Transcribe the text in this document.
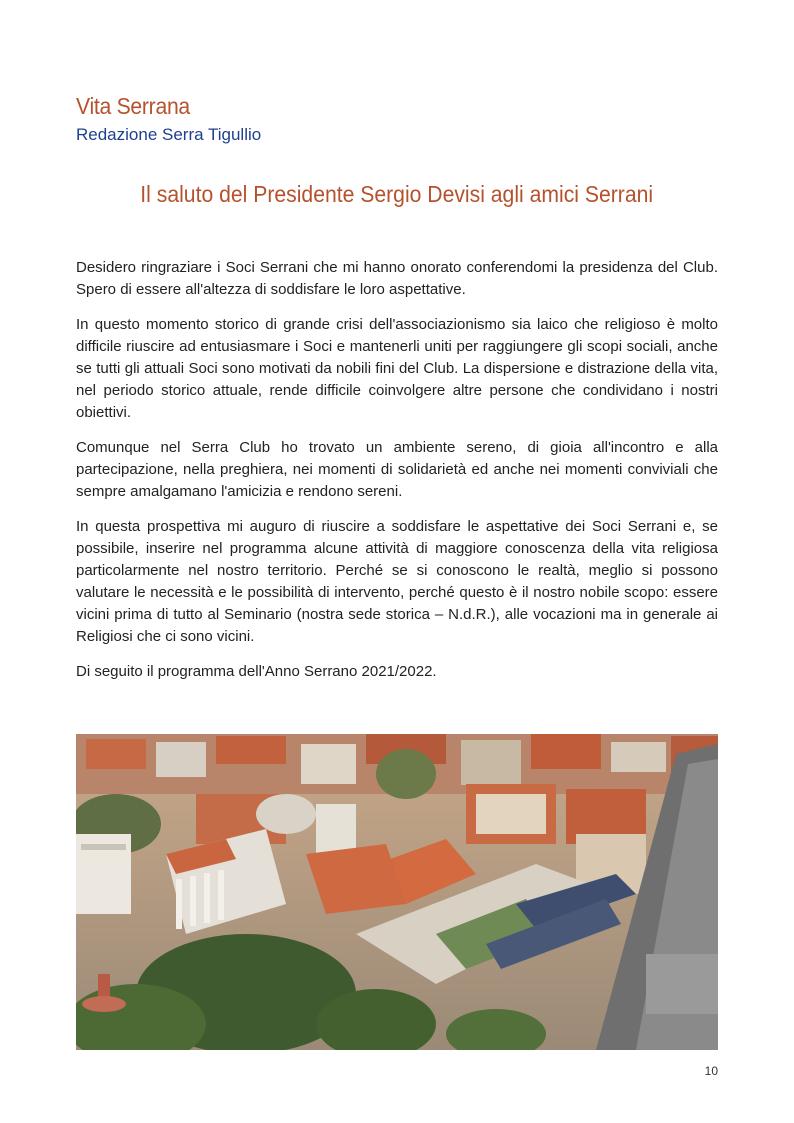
Vita Serrana
Redazione Serra Tigullio
Il saluto del Presidente Sergio Devisi agli amici Serrani

Desidero ringraziare i Soci Serrani che mi hanno onorato conferendomi la presidenza del Club. Spero di essere all'altezza di soddisfare le loro aspettative.

In questo momento storico di grande crisi dell'associazionismo sia laico che religioso è molto difficile riuscire ad entusiasmare i Soci e mantenerli uniti per raggiungere gli scopi sociali, anche se tutti gli attuali Soci sono motivati da nobili fini del Club. La dispersione e distrazione della vita, nel periodo storico attuale, rende difficile coinvolgere altre persone che condividano i nostri obiettivi.

Comunque nel Serra Club ho trovato un ambiente sereno, di gioia all'incontro e alla partecipazione, nella preghiera, nei momenti di solidarietà ed anche nei momenti conviviali che sempre amalgamano l'amicizia e rendono sereni.

In questa prospettiva mi auguro di riuscire a soddisfare le aspettative dei Soci Serrani e, se possibile, inserire nel programma alcune attività di maggiore conoscenza della vita religiosa particolarmente nel nostro territorio. Perché se si conoscono le realtà, meglio si possono valutare le necessità e le possibilità di intervento, perché questo è il nostro nobile scopo: essere vicini prima di tutto al Seminario (nostra sede storica – N.d.R.), alle vocazioni ma in generale ai Religiosi che ci sono vicini.

Di seguito il programma dell'Anno Serrano 2021/2022.

10
